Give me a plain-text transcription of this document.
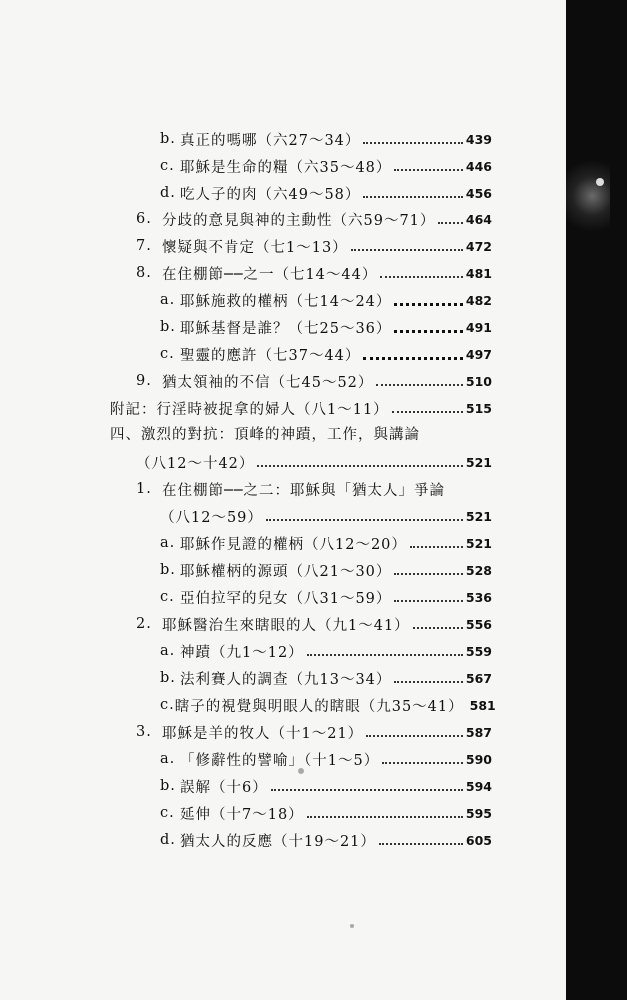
b. 真正的嗎哪（六27～34）	439
c. 耶穌是生命的糧（六35～48）	446
d. 吃人子的肉（六49～58）	456
6. 分歧的意見與神的主動性（六59～71） 464
7. 懷疑與不肯定（七1～13）	472
8. 在住棚節──之一（七14～44）	481
a. 耶穌施救的權柄（七14～24）	482
b. 耶穌基督是誰？（七25～36）	491
c. 聖靈的應許（七37～44）	497
9. 猶太領袖的不信（七45～52）	510
附記：行淫時被捉拿的婦人（八1～11）	515
四、激烈的對抗：頂峰的神蹟，工作，與講論
（八12～十42）	521
1. 在住棚節──之二：耶穌與「猶太人」爭論
（八12～59）	521
a. 耶穌作見證的權柄（八12～20）	521
b. 耶穌權柄的源頭（八21～30）	528
c. 亞伯拉罕的兒女（八31～59）	536
2. 耶穌醫治生來瞎眼的人（九1～41）	556
a. 神蹟（九1～12）	559
b. 法利賽人的調查（九13～34）	567
c. 瞎子的視覺與明眼人的瞎眼（九35～41） 581
3. 耶穌是羊的牧人（十1～21）	587
a. 「修辭性的譬喻」（十1～5）	590
b. 誤解（十6）	594
c. 延伸（十7～18）	595
d. 猶太人的反應（十19～21）	605
